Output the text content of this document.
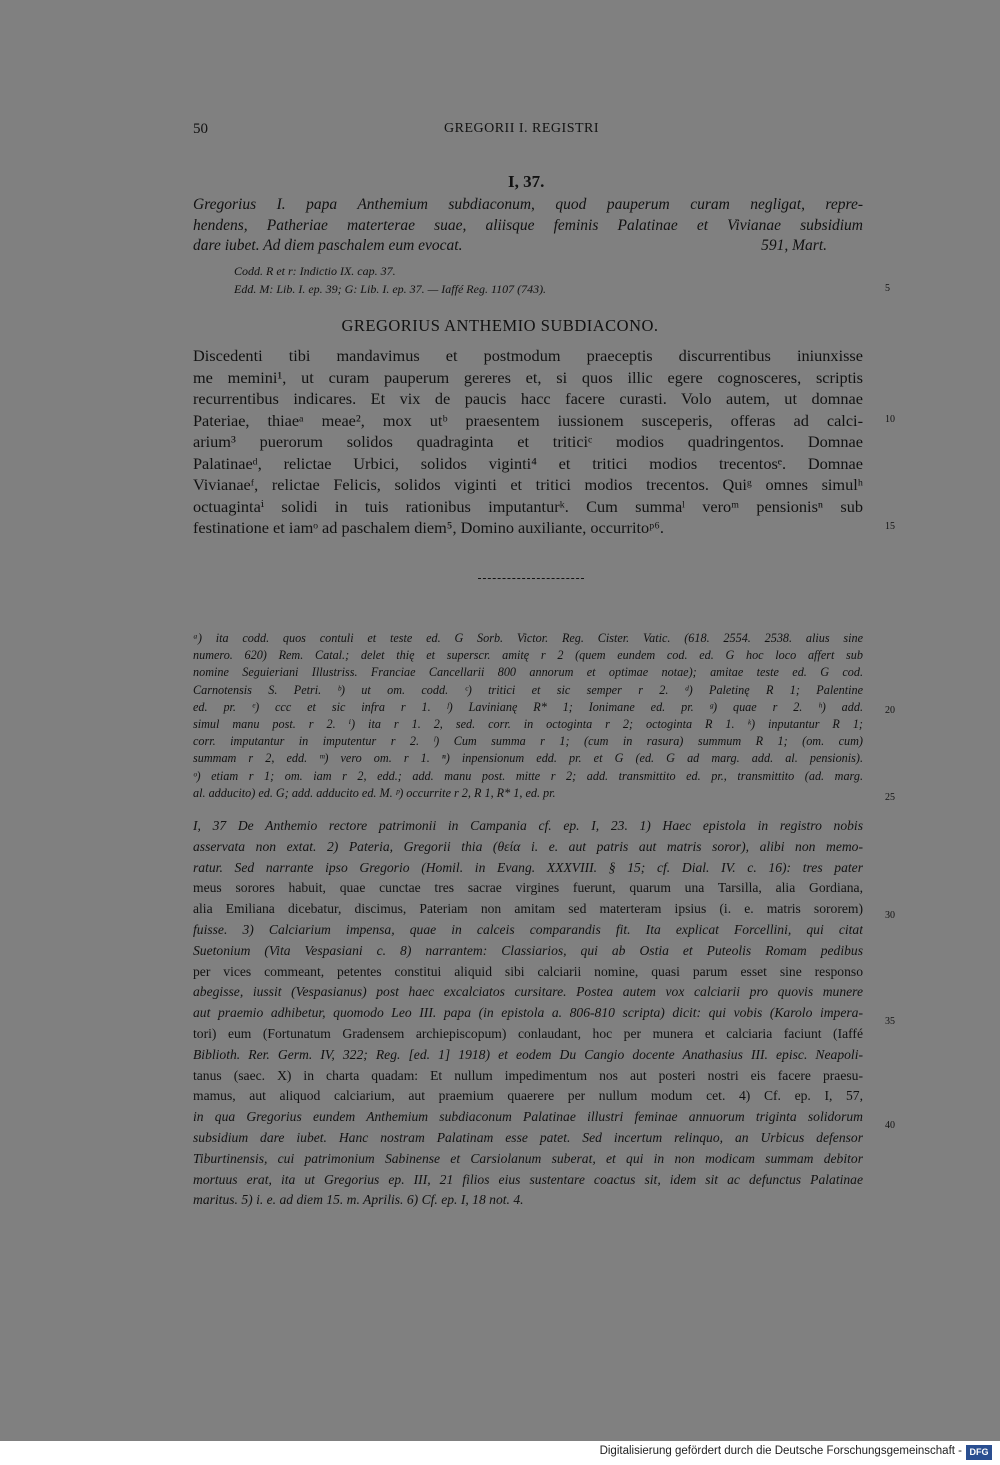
50	GREGORII I. REGISTRI
I, 37.
Gregorius I. papa Anthemium subdiaconum, quod pauperum curam negligat, repre-
hendens, Patheriae materterae suae, aliisque feminis Palatinae et Vivianae subsidium
dare iubet. Ad diem paschalem eum evocat.	591, Mart.
Codd. R et r: Indictio IX. cap. 37.
Edd. M: Lib. I. ep. 39; G: Lib. I. ep. 37. — Iaffé Reg. 1107 (743).
GREGORIUS ANTHEMIO SUBDIACONO.
Discedenti tibi mandavimus et postmodum praeceptis discurrentibus iniunxisse
me memini¹, ut curam pauperum gereres et, si quos illic egere cognosceres, scriptis
recurrentibus indicares. Et vix de paucis hacc facere curasti. Volo autem, ut domnae
Pateriae, thiaeᵃ meae², mox utᵇ praesentem iussionem susceperis, offeras ad calci-
arium³ puerorum solidos quadraginta et triticiᶜ modios quadringentos. Domnae
Palatinaeᵈ, relictae Urbici, solidos viginti⁴ et tritici modios trecentosᵉ. Domnae
Vivianaeᶠ, relictae Felicis, solidos viginti et tritici modios trecentos. Quiᵍ omnes simulʰ
octuagintaⁱ solidi in tuis rationibus imputanturᵏ. Cum summaˡ veroᵐ pensionisⁿ sub
festinatione et iamᵒ ad paschalem diem⁵, Domino auxiliante, occurritoᵖ⁶.
ᵃ) ita codd. quos contuli et teste ed. G Sorb. Victor. Reg. Cister. Vatic. (618. 2554. 2538. alius sine
numero. 620) Rem. Catal.; delet thię et superscr. amitę r 2 (quem eundem cod. ed. G hoc loco affert sub
nomine Seguieriani Illustriss. Franciae Cancellarii 800 annorum et optimae notae); amitae teste ed. G cod.
Carnotensis S. Petri. ᵇ) ut om. codd. ᶜ) tritici et sic semper r 2. ᵈ) Paletinę R 1; Palentine
ed. pr. ᵉ) ccc et sic infra r 1. ᶠ) Lavinianę R* 1; Ionimane ed. pr. ᵍ) quae r 2. ʰ) add.
simul manu post. r 2. ⁱ) ita r 1. 2, sed. corr. in octoginta r 2; octoginta R 1. ᵏ) inputantur R 1;
corr. imputantur in imputentur r 2. ˡ) Cum summa r 1; (cum in rasura) summum R 1; (om. cum)
summam r 2, edd. ᵐ) vero om. r 1. ⁿ) inpensionum edd. pr. et G (ed. G ad marg. add. al. pensionis).
ᵒ) etiam r 1; om. iam r 2, edd.; add. manu post. mitte r 2; add. transmittito ed. pr., transmittito (ad. marg.
al. adducito) ed. G; add. adducito ed. M. ᵖ) occurrite r 2, R 1, R* 1, ed. pr.
I, 37 De Anthemio rectore patrimonii in Campania cf. ep. I, 23. 1) Haec epistola in registro nobis
asservata non extat. 2) Pateria, Gregorii thia (θεία i. e. aut patris aut matris soror), alibi non memo-
ratur. Sed narrante ipso Gregorio (Homil. in Evang. XXXVIII. § 15; cf. Dial. IV. c. 16): tres pater
meus sorores habuit, quae cunctae tres sacrae virgines fuerunt, quarum una Tarsilla, alia Gordiana,
alia Emiliana dicebatur, discimus, Pateriam non amitam sed materteram ipsius (i. e. matris sororem)
fuisse. 3) Calciarium impensa, quae in calceis comparandis fit. Ita explicat Forcellini, qui citat
Suetonium (Vita Vespasiani c. 8) narrantem: Classiarios, qui ab Ostia et Puteolis Romam pedibus
per vices commeant, petentes constitui aliquid sibi calciarii nomine, quasi parum esset sine responso
abegisse, iussit (Vespasianus) post haec excalciatos cursitare. Postea autem vox calciarii pro quovis munere
aut praemio adhibetur, quomodo Leo III. papa (in epistola a. 806-810 scripta) dicit: qui vobis (Karolo impera-
tori) eum (Fortunatum Gradensem archiepiscopum) conlaudant, hoc per munera et calciaria faciunt (Iaffé
Biblioth. Rer. Germ. IV, 322; Reg. [ed. 1] 1918) et eodem Du Cangio docente Anathasius III. episc. Neapoli-
tanus (saec. X) in charta quadam: Et nullum impedimentum nos aut posteri nostri eis facere praesu-
mamus, aut aliquod calciarium, aut praemium quaerere per nullum modum cet. 4) Cf. ep. I, 57,
in qua Gregorius eundem Anthemium subdiaconum Palatinae illustri feminae annuorum triginta solidorum
subsidium dare iubet. Hanc nostram Palatinam esse patet. Sed incertum relinquo, an Urbicus defensor
Tiburtinensis, cui patrimonium Sabinense et Carsiolanum suberat, et qui in non modicam summam debitor
mortuus erat, ita ut Gregorius ep. III, 21 filios eius sustentare coactus sit, idem sit ac defunctus Palatinae
maritus. 5) i. e. ad diem 15. m. Aprilis. 6) Cf. ep. I, 18 not. 4.
5
10
15
20
25
30
35
40
Digitalisierung gefördert durch die Deutsche Forschungsgemeinschaft - DFG
